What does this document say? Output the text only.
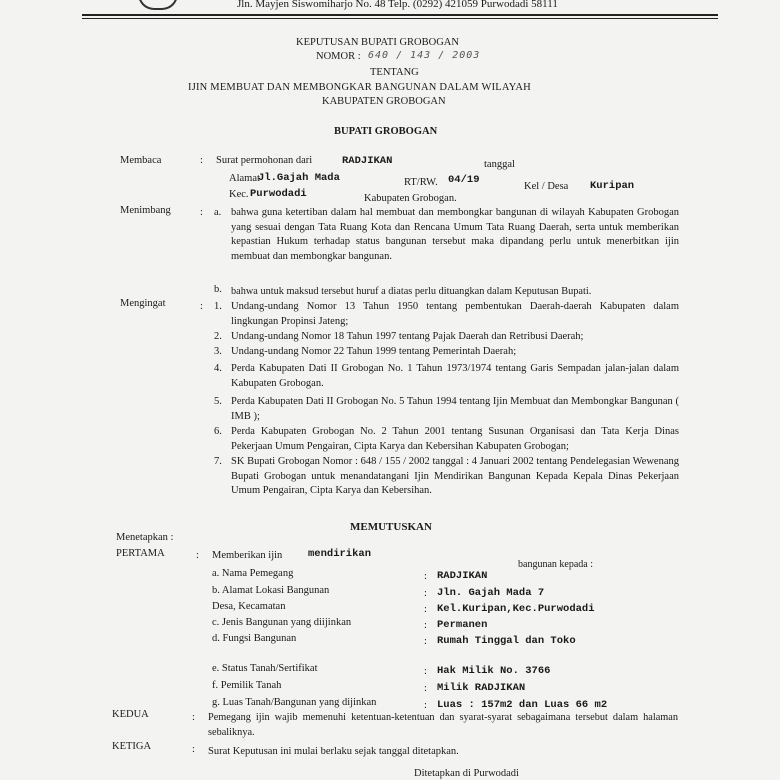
Jln. Mayjen Siswomiharjo No. 48 Telp. (0292) 421059 Purwodadi 58111
KEPUTUSAN BUPATI GROBOGAN
NOMOR : 640 / 143 / 2003
TENTANG
IJIN MEMBUAT DAN MEMBONGKAR BANGUNAN DALAM WILAYAH
KABUPATEN GROBOGAN
BUPATI GROBOGAN
Membaca	: Surat permohonan dari	RADJIKAN	tanggal
Alamat
Jl.Gajah Mada	RT/RW. 04/19
Kel / Desa Kuripan
Kec. Purwodadi	Kabupaten Grobogan.
Menimbang	: a. bahwa guna ketertiban dalam hal membuat dan membongkar bangunan di wilayah Kabupaten Grobogan yang sesuai dengan Tata Ruang Kota dan Rencana Umum Tata Ruang Daerah, serta untuk memberikan kepastian Hukum terhadap status bangunan tersebut maka dipandang perlu untuk menerbitkan ijin membuat dan membongkar bangunan.
b. bahwa untuk maksud tersebut huruf a diatas perlu dituangkan dalam Keputusan Bupati.
Mengingat	: 1. Undang-undang Nomor 13 Tahun 1950 tentang pembentukan Daerah-daerah Kabupaten dalam lingkungan Propinsi Jateng;
2. Undang-undang Nomor 18 Tahun 1997 tentang Pajak Daerah dan Retribusi Daerah;
3. Undang-undang Nomor 22 Tahun 1999 tentang Pemerintah Daerah;
4. Perda Kabupaten Dati II Grobogan No. 1 Tahun 1973/1974 tentang Garis Sempadan jalan-jalan dalam Kabupaten Grobogan.
5. Perda Kabupaten Dati II Grobogan No. 5 Tahun 1994 tentang Ijin Membuat dan Membongkar Bangunan ( IMB );
6. Perda Kabupaten Grobogan No. 2 Tahun 2001 tentang Susunan Organisasi dan Tata Kerja Dinas Pekerjaan Umum Pengairan, Cipta Karya dan Kebersihan Kabupaten Grobogan;
7. SK Bupati Grobogan Nomor : 648 / 155 / 2002 tanggal : 4 Januari 2002 tentang Pendelegasian Wewenang Bupati Grobogan untuk menandatangani Ijin Mendirikan Bangunan Kepada Kepala Dinas Pekerjaan Umum Pengairan, Cipta Karya dan Kebersihan.
MEMUTUSKAN
Menetapkan :
PERTAMA	: Memberikan ijin mendirikan
bangunan kepada :
a. Nama Pemegang	: RADJIKAN
b. Alamat Lokasi Bangunan	: Jln. Gajah Mada 7
Desa, Kecamatan	: Kel.Kuripan,Kec.Purwodadi
c. Jenis Bangunan yang diijinkan	: Permanen
d. Fungsi Bangunan	: Rumah Tinggal dan Toko
e. Status Tanah/Sertifikat	: Hak Milik No. 3766
f. Pemilik Tanah	: Milik RADJIKAN
g. Luas Tanah/Bangunan yang dijinkan	: Luas : 157m2 dan Luas 66 m2
KEDUA	: Pemegang ijin wajib memenuhi ketentuan-ketentuan dan syarat-syarat sebagaimana tersebut dalam halaman sebaliknya.
KETIGA	: Surat Keputusan ini mulai berlaku sejak tanggal ditetapkan.
Ditetapkan di Purwodadi
